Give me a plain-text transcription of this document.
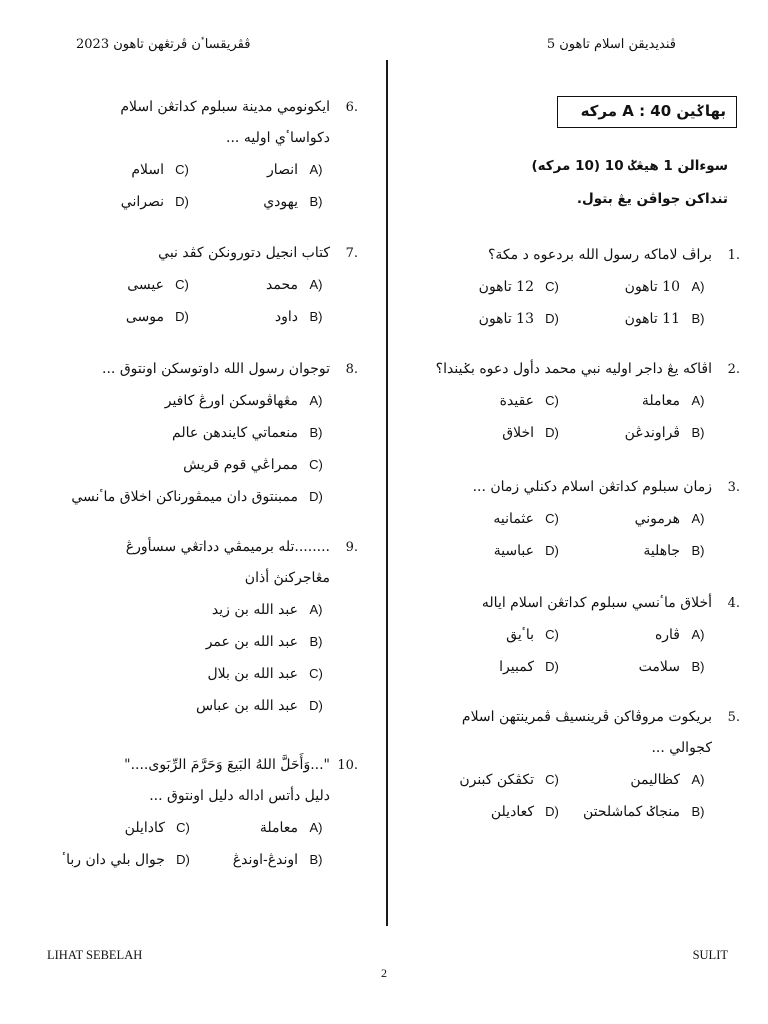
ڤڤريقساٴن ڤرتڠهن تاهون 2023	ڤندیديقن اسلام تاهون 5
بهاݢين A : 40 مركه
سوءالن 1 هيڠݢ 10 (10 مركه)
تنداكن جواڤن يڠ بتول.
1.
براڤ لاماكه رسول الله بردعوه د مكة؟
A)
10 تاهون
C)
12 تاهون
B)
11 تاهون
D)
13 تاهون
2.
اڤاكه يڠ داجر اوليه نبي محمد دأول دعوه بݢيندا؟
A)
معاملة
C)
عقيدة
B)
ڤراوندڠن
D)
اخلاق
3.
زمان سبلوم كداتڠن اسلام دکنلي زمان ...
A)
هرموني
C)
عثمانيه
B)
جاهلية
D)
عباسية
4.
أخلاق ماٴنسي سبلوم كداتڠن اسلام اياله
A)
ڤاره
C)
باٴيق
B)
سلامت
D)
كمبيرا
5.
بريكوت مروڤاكن ڤرينسيڤ ڤمرينتهن اسلام
كجوالي ...
A)
كظاليمن
C)
تكڤكن كبنرن
B)
منجاݢ كماشلحتن
D)
كعاديلن
6.
ايكونومي مدينة سبلوم كداتڠن اسلام
دكواساٴي اوليه ...
A)
انصار
C)
اسلام
B)
يهودي
D)
نصراني
7.
كتاب انجيل دتورونكن كڤد نبي
A)
محمد
C)
عيسى
B)
داود
D)
موسى
8.
توجوان رسول الله داوتوسكن اونتوق ...
A)
مڠهاڤوسكن اورڠ كافير
B)
منعماتي كايندهن عالم
C)
ممراڠي قوم قريش
D)
ممبنتوق دان ميمڤورناكن اخلاق ماٴنسي
9.
........تله برمیمڤي دداتڠي سسأورڠ
مڠاجركنڽ أذان
A)
عبد الله بن زيد
B)
عبد الله بن عمر
C)
عبد الله بن بلال
D)
عبد الله بن عباس
10.
"...وَأَحَلَّ اللهُ البَيعَ وَحَرَّمَ الرِّبَوى...."
دليل دأتس اداله دليل اونتوق ...
A)
معاملة
C)
كادايلن
B)
اوندڠ-اوندڠ
D)
جوال بلي دان رباٴ
LIHAT SEBELAH	SULIT
2
